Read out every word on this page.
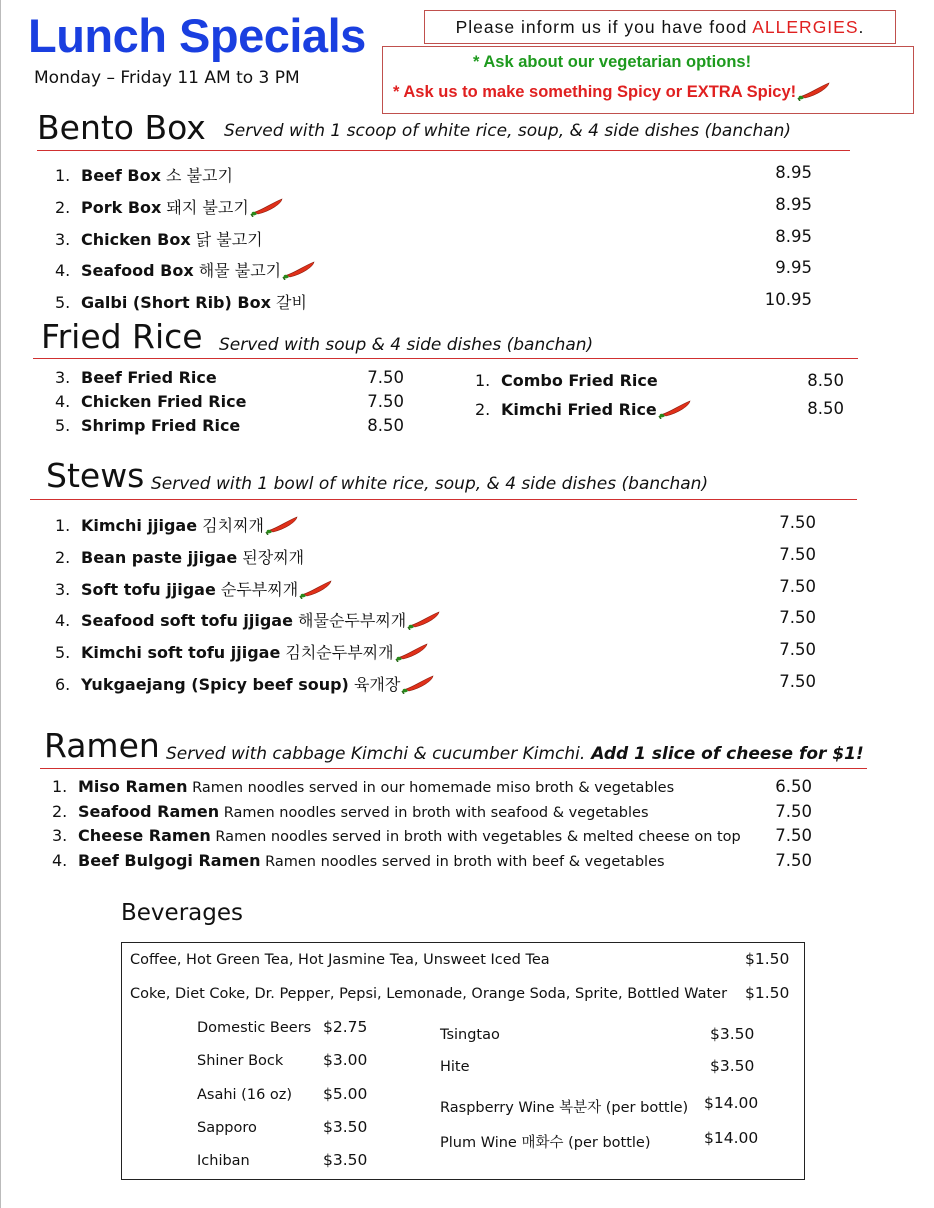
Lunch Specials
Monday – Friday 11 AM to 3 PM
Please inform us if you have food ALLERGIES.
* Ask about our vegetarian options!
* Ask us to make something Spicy or EXTRA Spicy!
Bento Box Served with 1 scoop of white rice, soup, & 4 side dishes (banchan)
1. Beef Box 소 불고기	8.95
2. Pork Box 돼지 불고기	8.95
3. Chicken Box 닭 불고기	8.95
4. Seafood Box 해물 불고기	9.95
5. Galbi (Short Rib) Box 갈비	10.95
Fried Rice Served with soup & 4 side dishes (banchan)
3. Beef Fried Rice	7.50
4. Chicken Fried Rice	7.50
5. Shrimp Fried Rice	8.50
1. Combo Fried Rice	8.50
2. Kimchi Fried Rice	8.50
Stews Served with 1 bowl of white rice, soup, & 4 side dishes (banchan)
1. Kimchi jjigae 김치찌개	7.50
2. Bean paste jjigae 된장찌개	7.50
3. Soft tofu jjigae 순두부찌개	7.50
4. Seafood soft tofu jjigae 해물순두부찌개	7.50
5. Kimchi soft tofu jjigae 김치순두부찌개	7.50
6. Yukgaejang (Spicy beef soup) 육개장	7.50
Ramen Served with cabbage Kimchi & cucumber Kimchi. Add 1 slice of cheese for $1!
1. Miso Ramen Ramen noodles served in our homemade miso broth & vegetables	6.50
2. Seafood Ramen Ramen noodles served in broth with seafood & vegetables	7.50
3. Cheese Ramen Ramen noodles served in broth with vegetables & melted cheese on top	7.50
4. Beef Bulgogi Ramen Ramen noodles served in broth with beef & vegetables	7.50
Beverages
Coffee, Hot Green Tea, Hot Jasmine Tea, Unsweet Iced Tea	$1.50
Coke, Diet Coke, Dr. Pepper, Pepsi, Lemonade, Orange Soda, Sprite, Bottled Water $1.50
Domestic Beers $2.75
Shiner Bock	$3.00
Asahi (16 oz) $5.00
Sapporo	$3.50
Ichiban	$3.50
Tsingtao	$3.50
Hite	$3.50
Raspberry Wine 복분자 (per bottle) $14.00
Plum Wine 매화수 (per bottle)	$14.00
